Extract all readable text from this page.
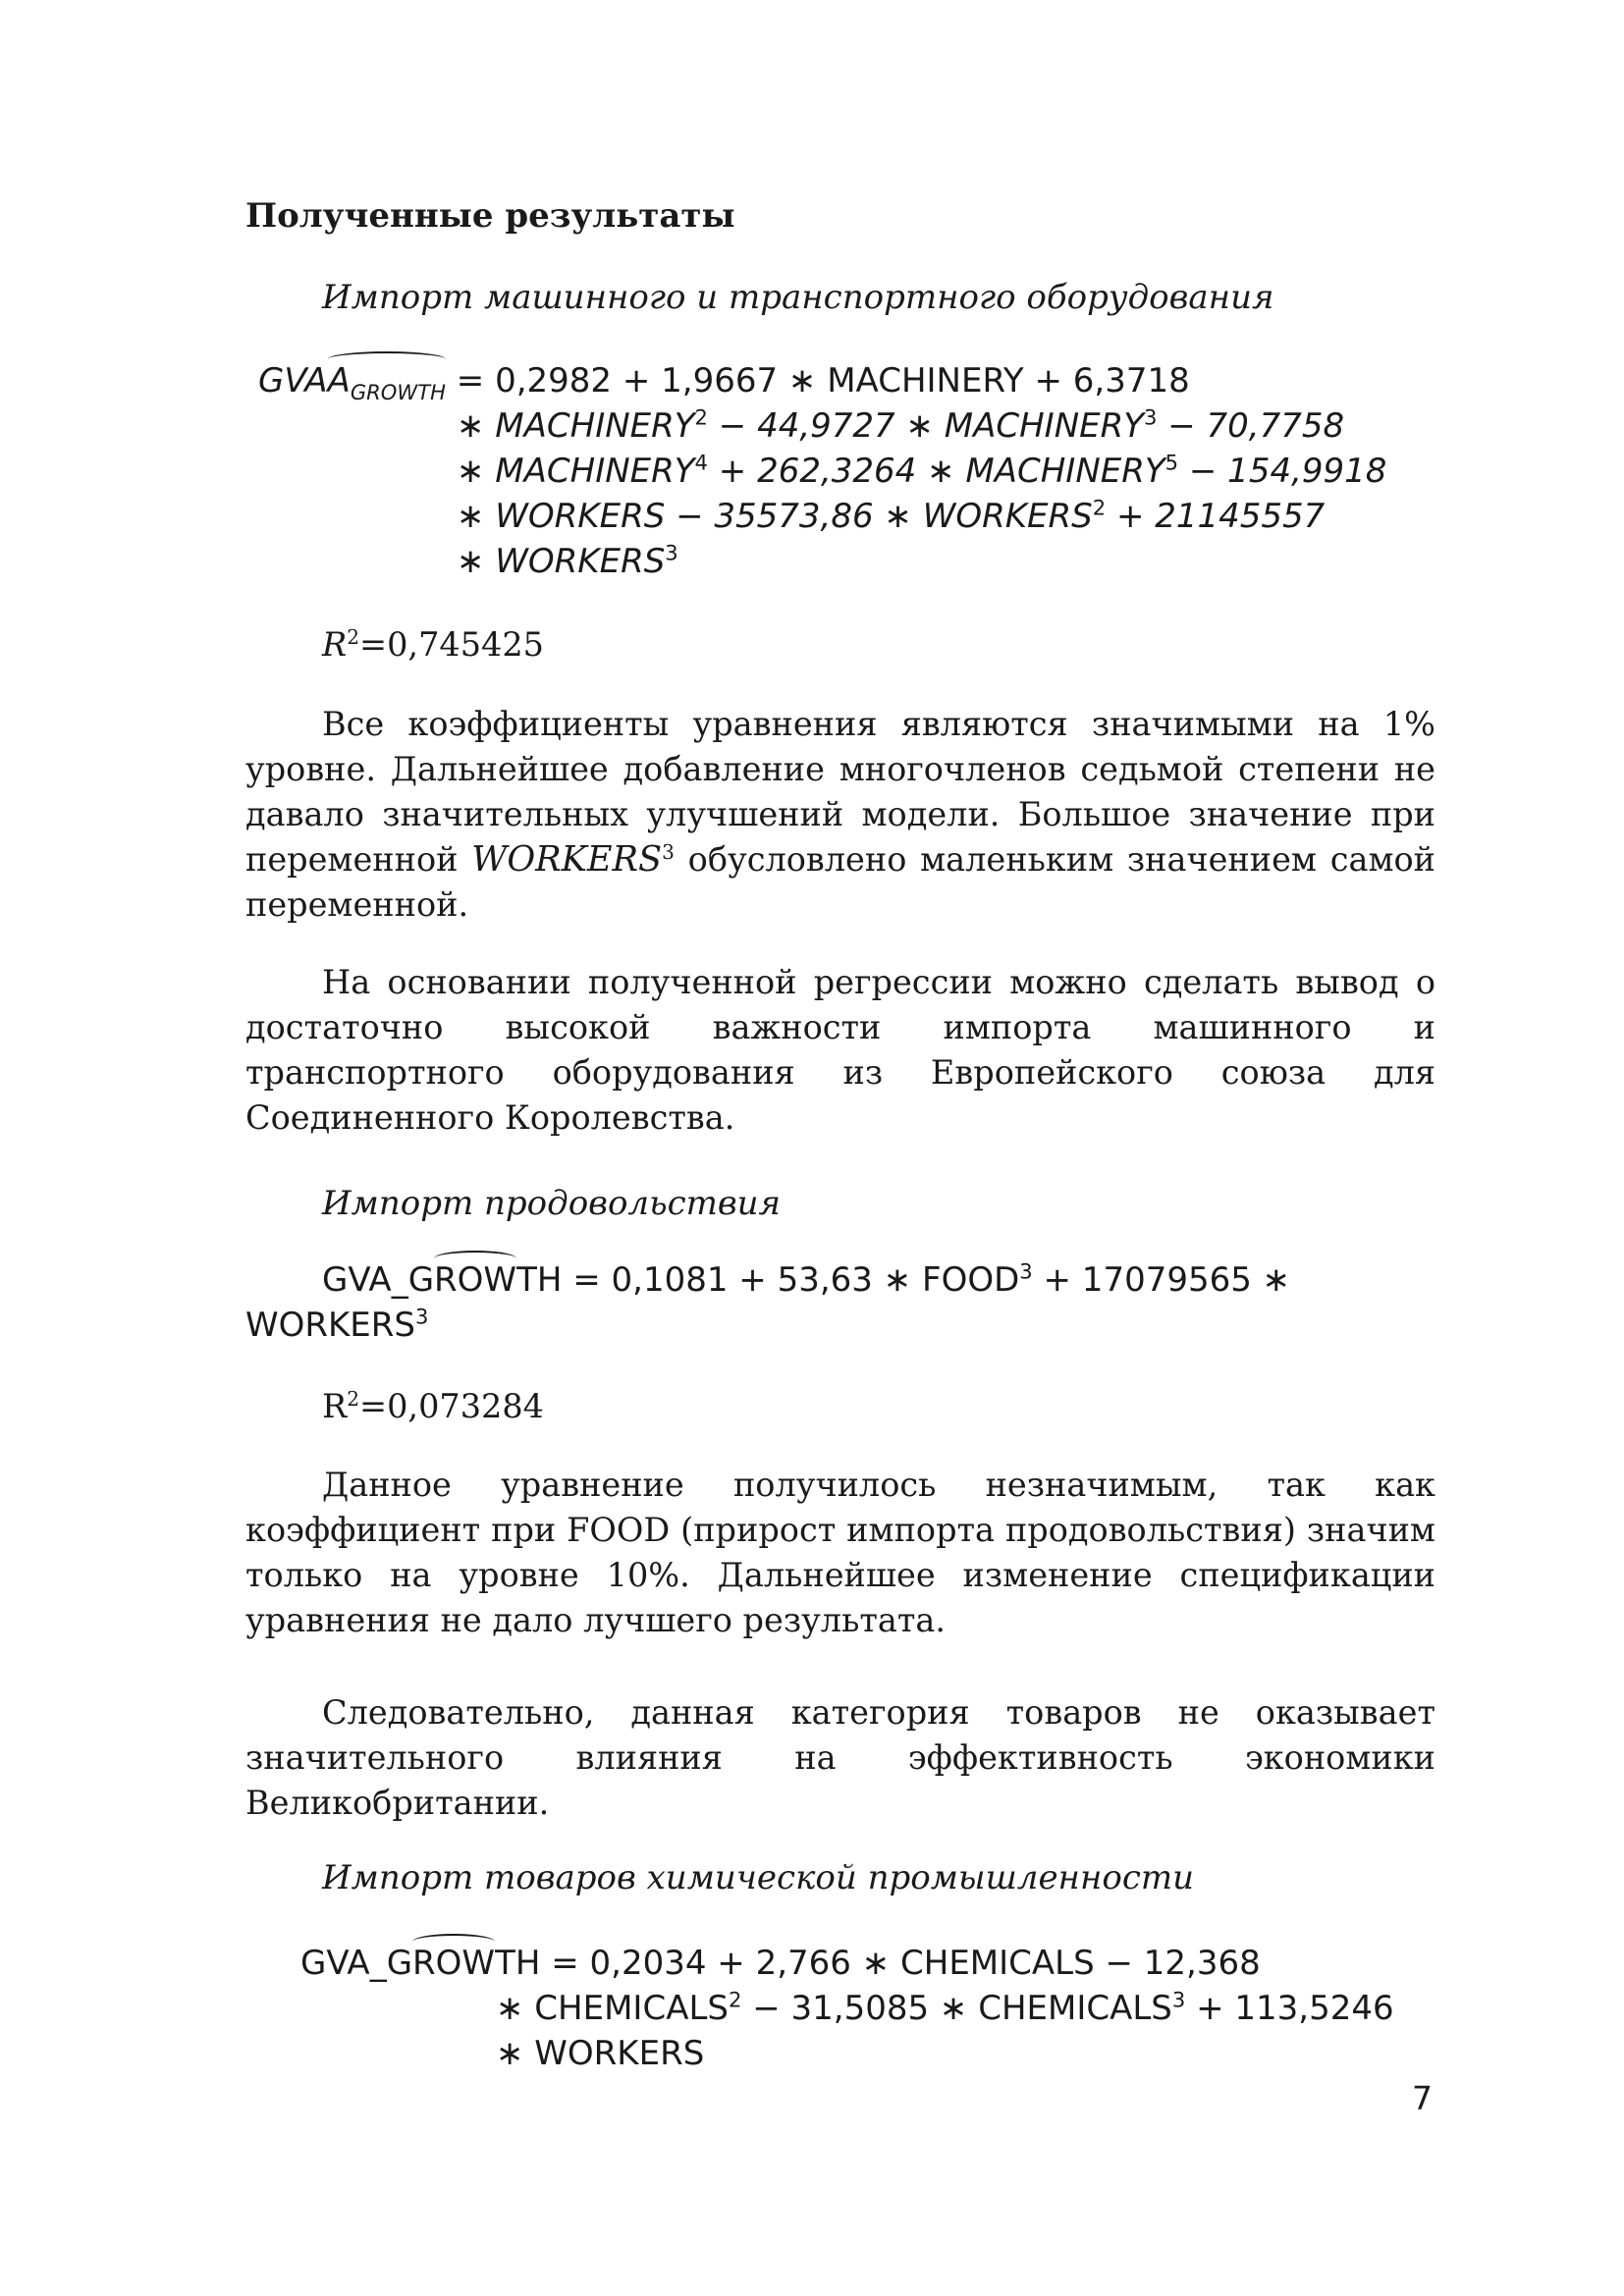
Полученные результаты
Импорт машинного и транспортного оборудования
$GVAA_{GROWTH} = 0,2982 + 1,9667$ ∗ MACHINERY + 6,3718
∗ $MACHINERY^2 - 44,9727$ ∗ $MACHINERY^3 - 70,7758$
∗ $MACHINERY^4 + 262,3264$ ∗ $MACHINERY^5 - 154,9918$
∗ WORKERS − 35573,86 ∗ $WORKERS^2 + 21145557$
∗ WORKERS$^3$
$R^2=0,745425$
Все коэффициенты уравнения являются значимыми на 1% уровне. Дальнейшее добавление многочленов седьмой степени не давало значительных улучшений модели. Большое значение при переменной WORKERS$^3$ обусловлено маленьким значением самой переменной.
На основании полученной регрессии можно сделать вывод о достаточно высокой важности импорта машинного и транспортного оборудования из Европейского союза для Соединенного Королевства.
Импорт продовольствия
GVA_GROWTH = 0,1081 + 53,63 ∗ $FOOD^3 + 17079565$ ∗
WORKERS$^3$
$R^2=0,073284$
Данное уравнение получилось незначимым, так как коэффициент при FOOD (прирост импорта продовольствия) значим только на уровне 10%. Дальнейшее изменение спецификации уравнения не дало лучшего результата.
Следовательно, данная категория товаров не оказывает значительного влияния на эффективность экономики Великобритании.
Импорт товаров химической промышленности
GVA_GROWTH = 0,2034 + 2,766 ∗ CHEMICALS − 12,368
∗ $CHEMICALS^2 - 31,5085$ ∗ $CHEMICALS^3 + 113,5246$
∗ WORKERS
7
